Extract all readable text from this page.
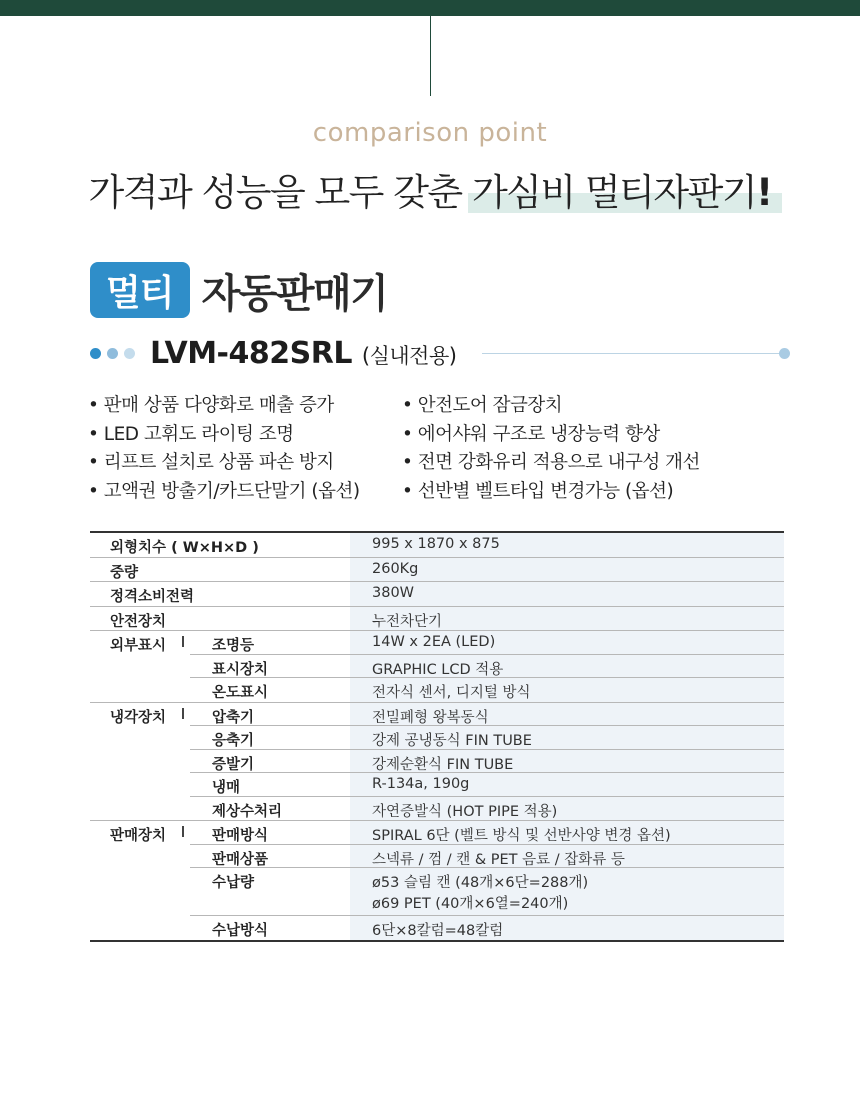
comparison point
가격과 성능을 모두 갖춘 가심비 멀티자판기!
멀티 자동판매기
LVM-482SRL (실내전용)
• 판매 상품 다양화로 매출 증가
• LED 고휘도 라이팅 조명
• 리프트 설치로 상품 파손 방지
• 고액권 방출기/카드단말기 (옵션)
• 안전도어 잠금장치
• 에어샤워 구조로 냉장능력 향상
• 전면 강화유리 적용으로 내구성 개선
• 선반별 벨트타입 변경가능 (옵션)
외형치수 ( W×H×D )	995 x 1870 x 875
중량	260Kg
정격소비전력	380W
안전장치	누전차단기
외부표시	조명등	14W x 2EA (LED)
표시장치	GRAPHIC LCD 적용
온도표시	전자식 센서, 디지털 방식
냉각장치	압축기	전밀폐형 왕복동식
응축기	강제 공냉동식 FIN TUBE
증발기	강제순환식 FIN TUBE
냉매	R-134a, 190g
제상수처리	자연증발식 (HOT PIPE 적용)
판매장치	판매방식	SPIRAL 6단 (벨트 방식 및 선반사양 변경 옵션)
판매상품	스넥류 / 껌 / 캔 & PET 음료 / 잡화류 등
수납량	ø53 슬림 캔 (48개×6단=288개)
ø69 PET (40개×6열=240개)
수납방식	6단×8칼럼=48칼럼
